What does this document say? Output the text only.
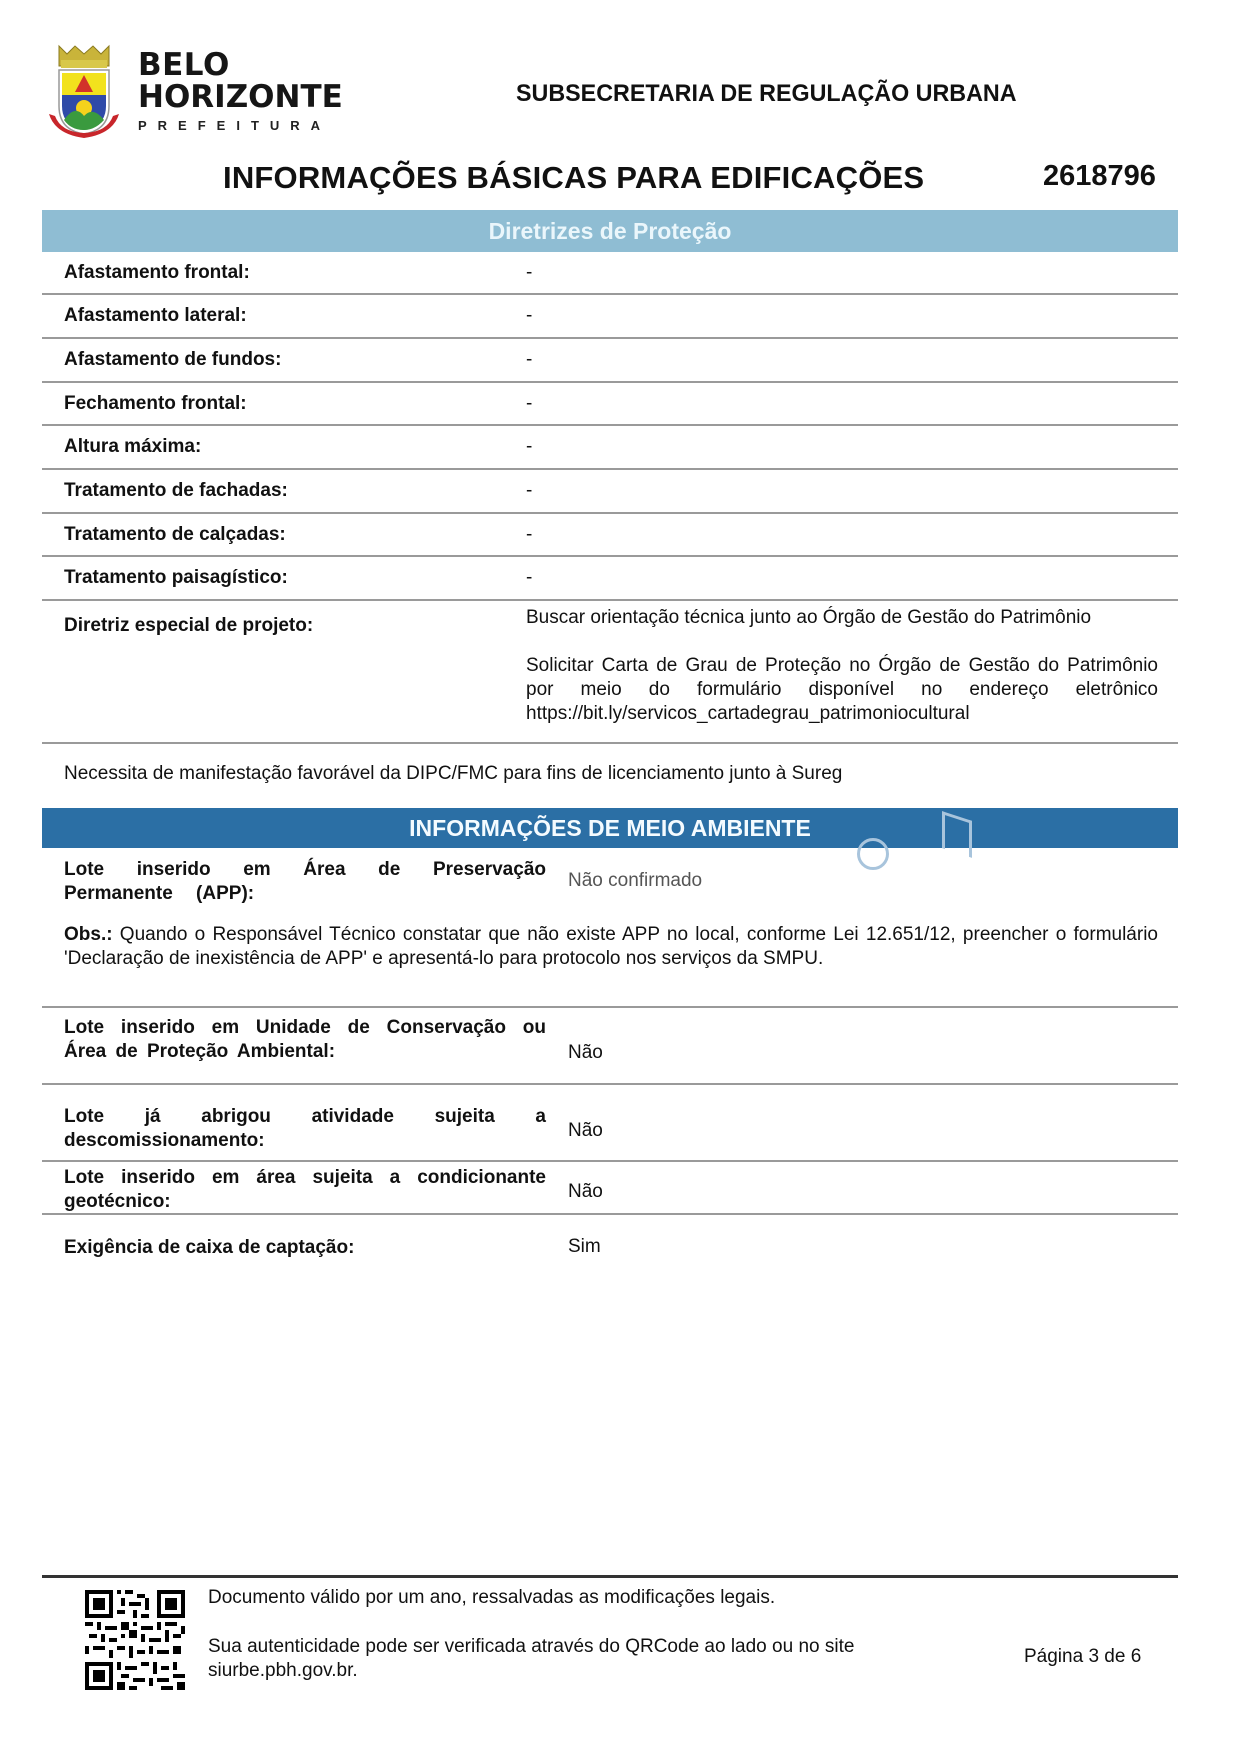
BELO
HORIZONTE
PREFEITURA
SUBSECRETARIA DE REGULAÇÃO URBANA
INFORMAÇÕES BÁSICAS PARA EDIFICAÇÕES	2618796
Diretrizes de Proteção
Afastamento frontal:	-
Afastamento lateral:	-
Afastamento de fundos:	-
Fechamento frontal:	-
Altura máxima:	-
Tratamento de fachadas:	-
Tratamento de calçadas:	-
Tratamento paisagístico:	-
Diretriz especial de projeto:	Buscar orientação técnica junto ao Órgão de Gestão do Patrimônio

Solicitar Carta de Grau de Proteção no Órgão de Gestão do Patrimônio por meio do formulário disponível no endereço eletrônico https://bit.ly/servicos_cartadegrau_patrimoniocultural

Necessita de manifestação favorável da DIPC/FMC para fins de licenciamento junto à Sureg
INFORMAÇÕES DE MEIO AMBIENTE
Lote inserido em Área de Preservação
Permanente (APP):
Não confirmado
Obs.: Quando o Responsável Técnico constatar que não existe APP no local, conforme Lei 12.651/12, preencher o formulário 'Declaração de inexistência de APP' e apresentá-lo para protocolo nos serviços da SMPU.
Lote inserido em Unidade de Conservação ou
Área de Proteção Ambiental:	Não
Lote já abrigou atividade sujeita a
descomissionamento:	Não
Lote inserido em área sujeita a condicionante
geotécnico:	Não
Exigência de caixa de captação:	Sim
Documento válido por um ano, ressalvadas as modificações legais.
Sua autenticidade pode ser verificada através do QRCode ao lado ou no site siurbe.pbh.gov.br.
Página 3 de 6
